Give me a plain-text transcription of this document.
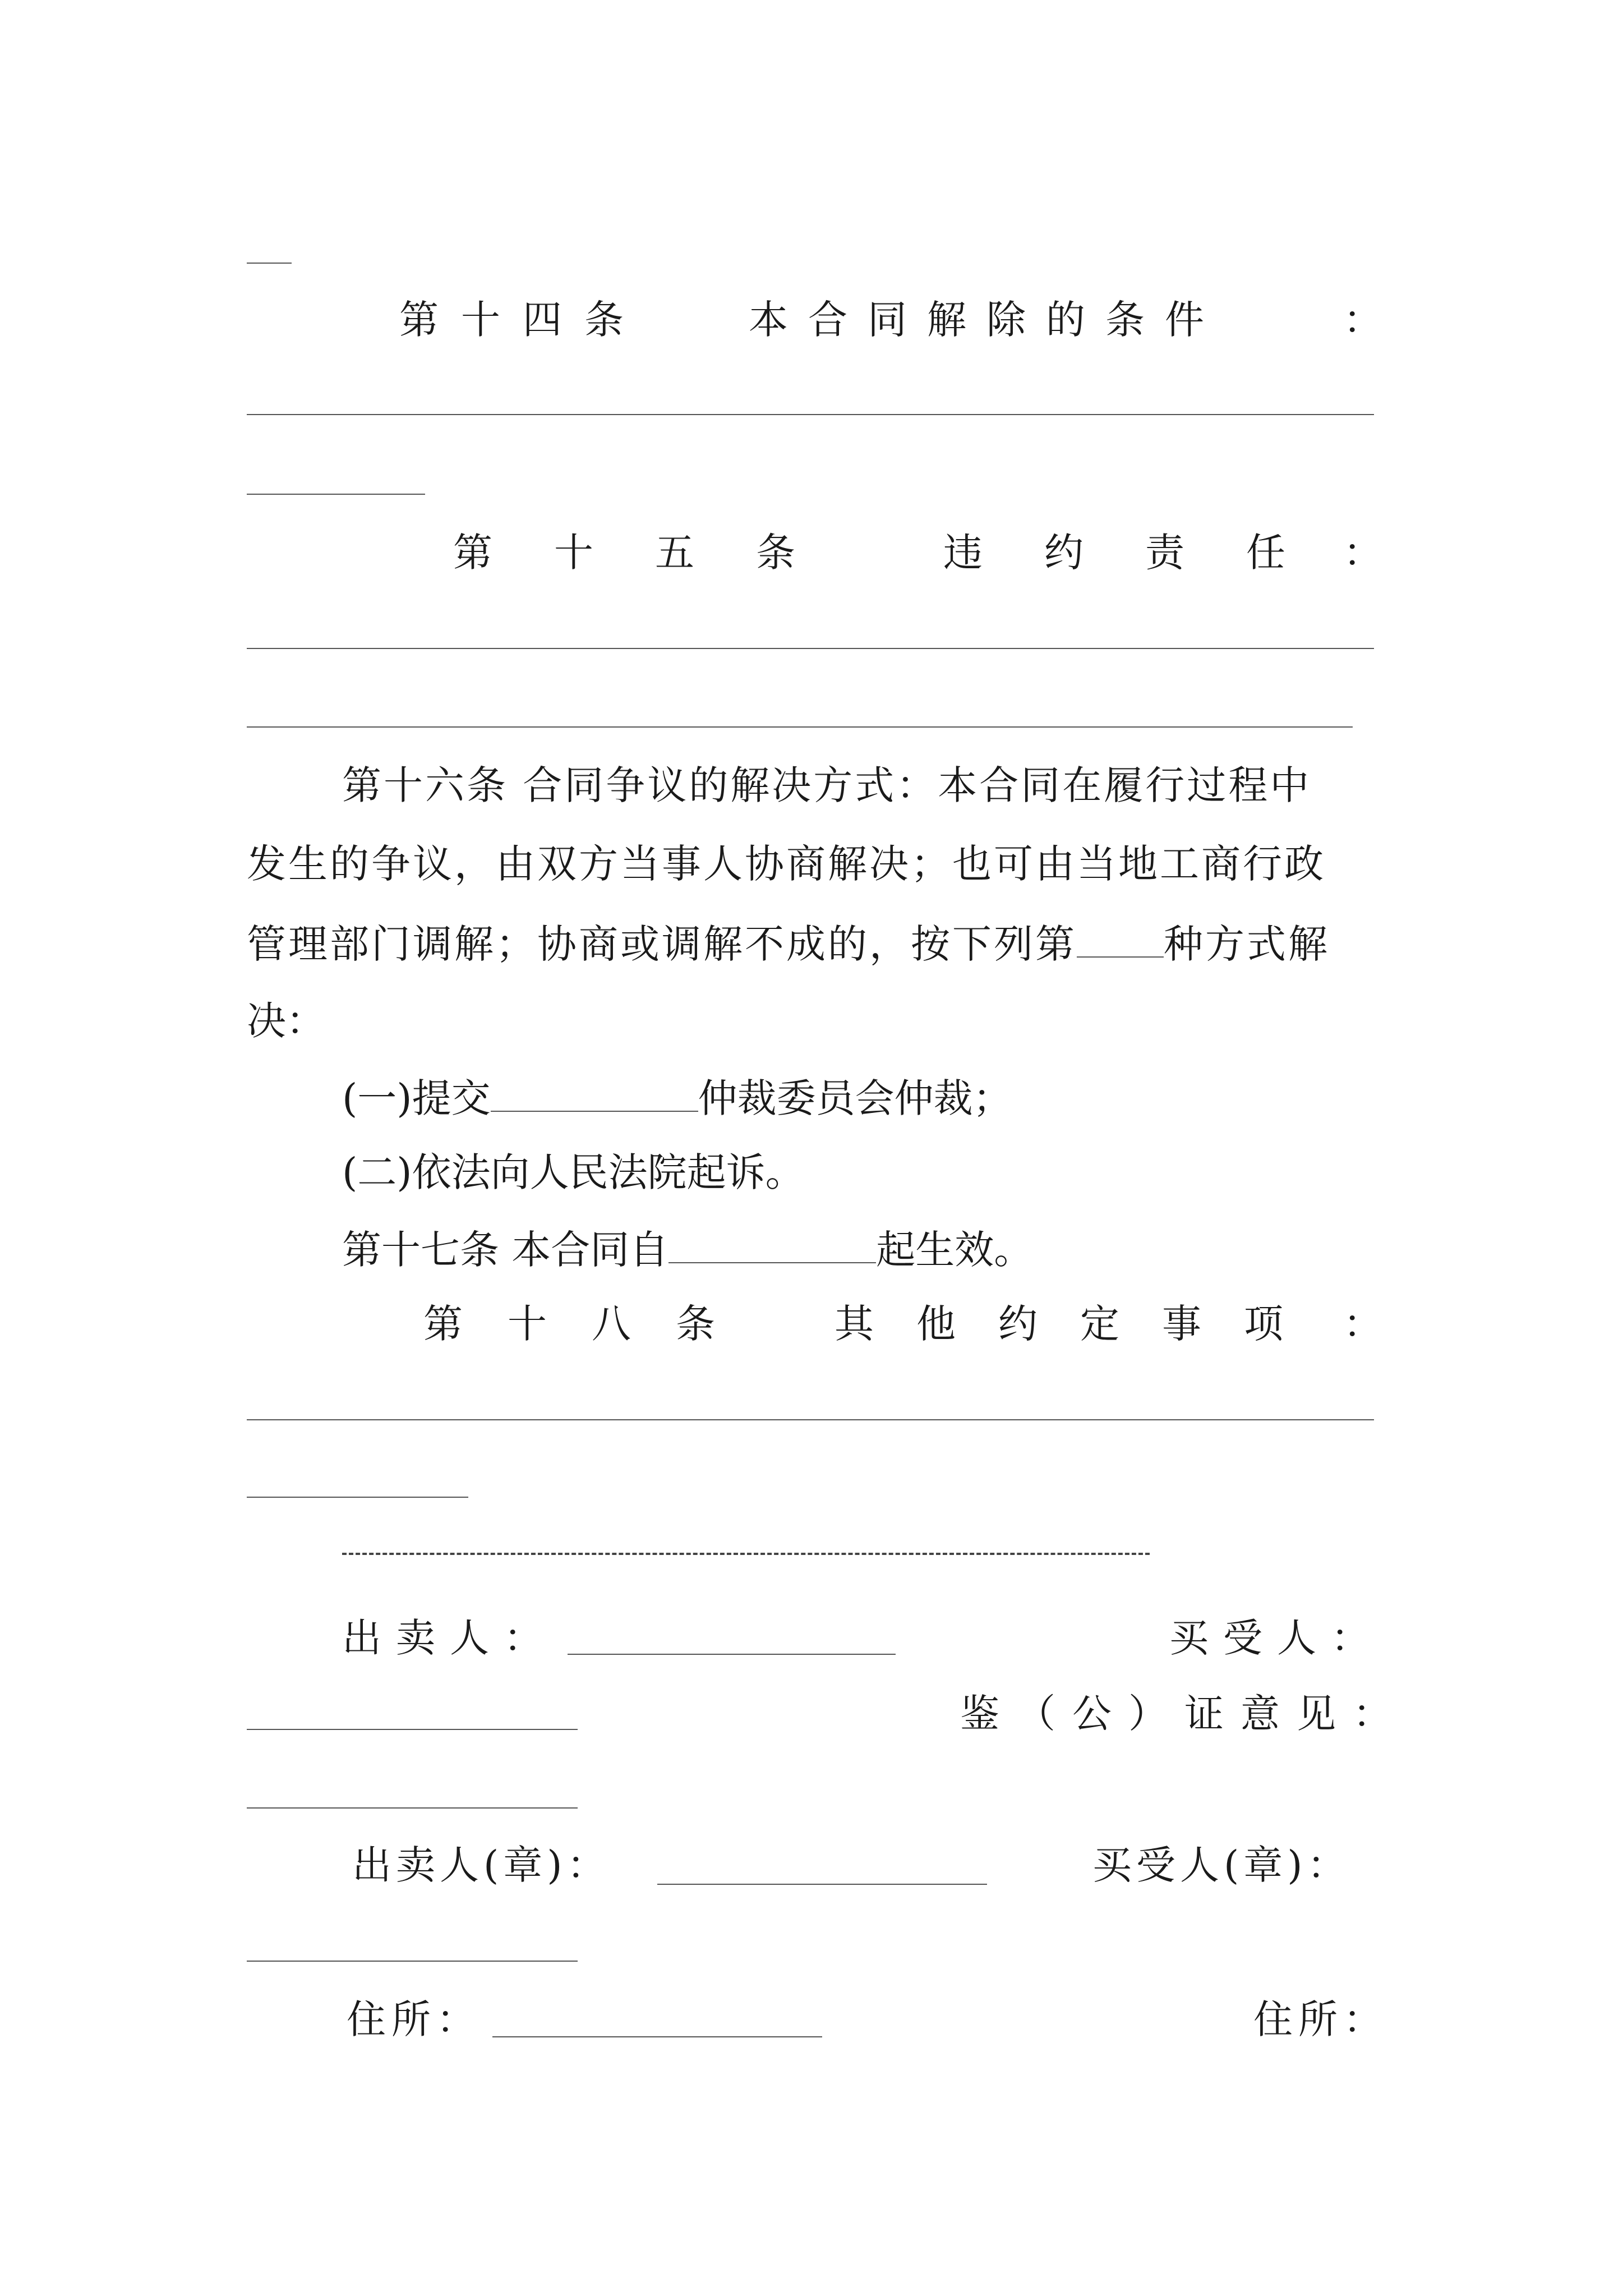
第十四条	本合同解除的条件	：
第十五条 违约责任
：
第十六条 合同争议的解决方式：本合同在履行过程中
发生的争议，由双方当事人协商解决；也可由当地工商行政
管理部门调解；协商或调解不成的，按下列第 种方式解
决：
(一)提交	仲裁委员会仲裁；
(二)依法向人民法院起诉。
第十七条 本合同自	起生效。
第十八条 其他约定事项 ：
出卖人：	买受人：
鉴（公）证意见：
出卖人(章)：	买受人(章)：
住所：	住所：
